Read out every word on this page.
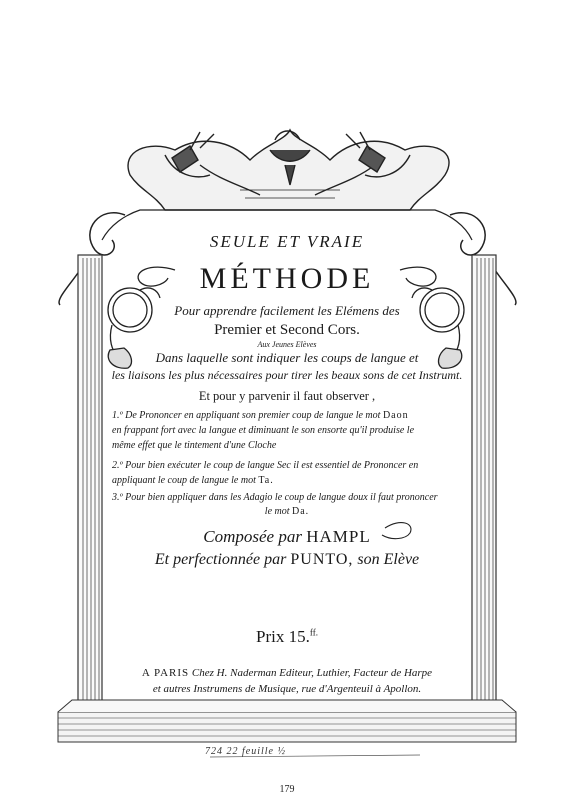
SEULE ET VRAIE
MÉTHODE
Pour apprendre facilement les Elémens des
Premier et Second Cors.
Aux Jeunes Elèves
Dans laquelle sont indiquer les coups de langue et
les liaisons les plus nécessaires pour tirer les beaux sons de cet Instrumt.
Et pour y parvenir il faut observer ,
1.º De Prononcer en appliquant son premier coup de langue le mot Daon
en frappant fort avec la langue et diminuant le son ensorte qu'il produise le
même effet que le tintement d'une Cloche
2.º Pour bien exécuter le coup de langue Sec il est essentiel de Prononcer en
appliquant le coup de langue le mot Ta.
3.º Pour bien appliquer dans les Adagio le coup de langue doux il faut prononcer
le mot Da.
Composée par HAMPL
Et perfectionnée par PUNTO, son Elève
Prix 15.$^{ff.}$
A PARIS Chez H. Naderman Editeur, Luthier, Facteur de Harpe
et autres Instrumens de Musique, rue d'Argenteuil à Apollon.
724 22 feuille ½
179
